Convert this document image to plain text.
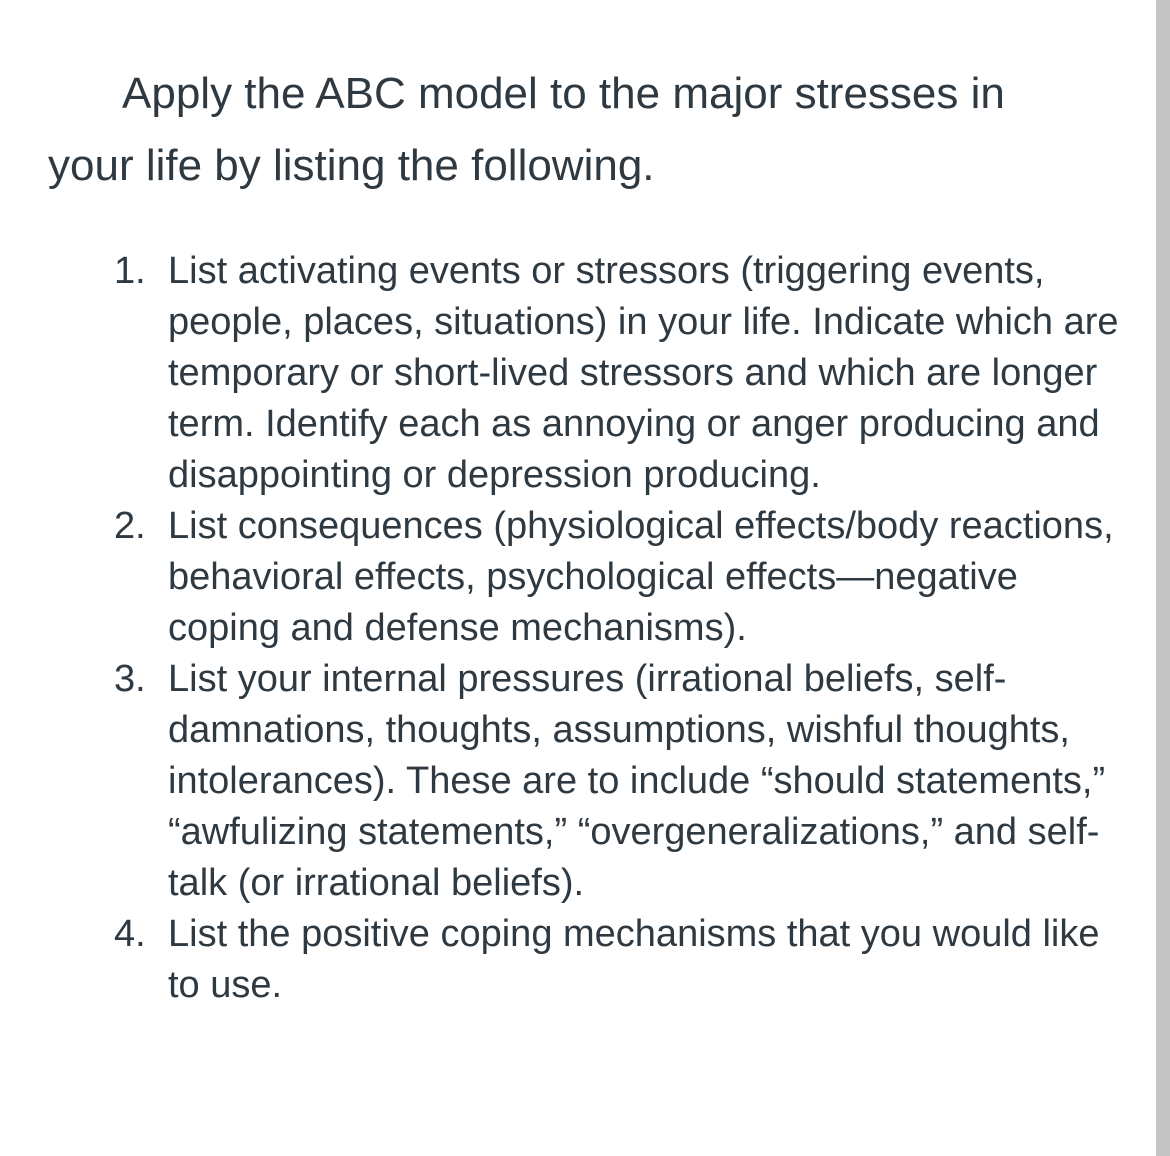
Apply the ABC model to the major stresses in your life by listing the following.

1. List activating events or stressors (triggering events, people, places, situations) in your life. Indicate which are temporary or short-lived stressors and which are longer term. Identify each as annoying or anger producing and disappointing or depression producing.
2. List consequences (physiological effects/body reactions, behavioral effects, psychological effects—negative coping and defense mechanisms).
3. List your internal pressures (irrational beliefs, self-damnations, thoughts, assumptions, wishful thoughts, intolerances). These are to include “should statements,” “awfulizing statements,” “overgeneralizations,” and self-talk (or irrational beliefs).
4. List the positive coping mechanisms that you would like to use.
